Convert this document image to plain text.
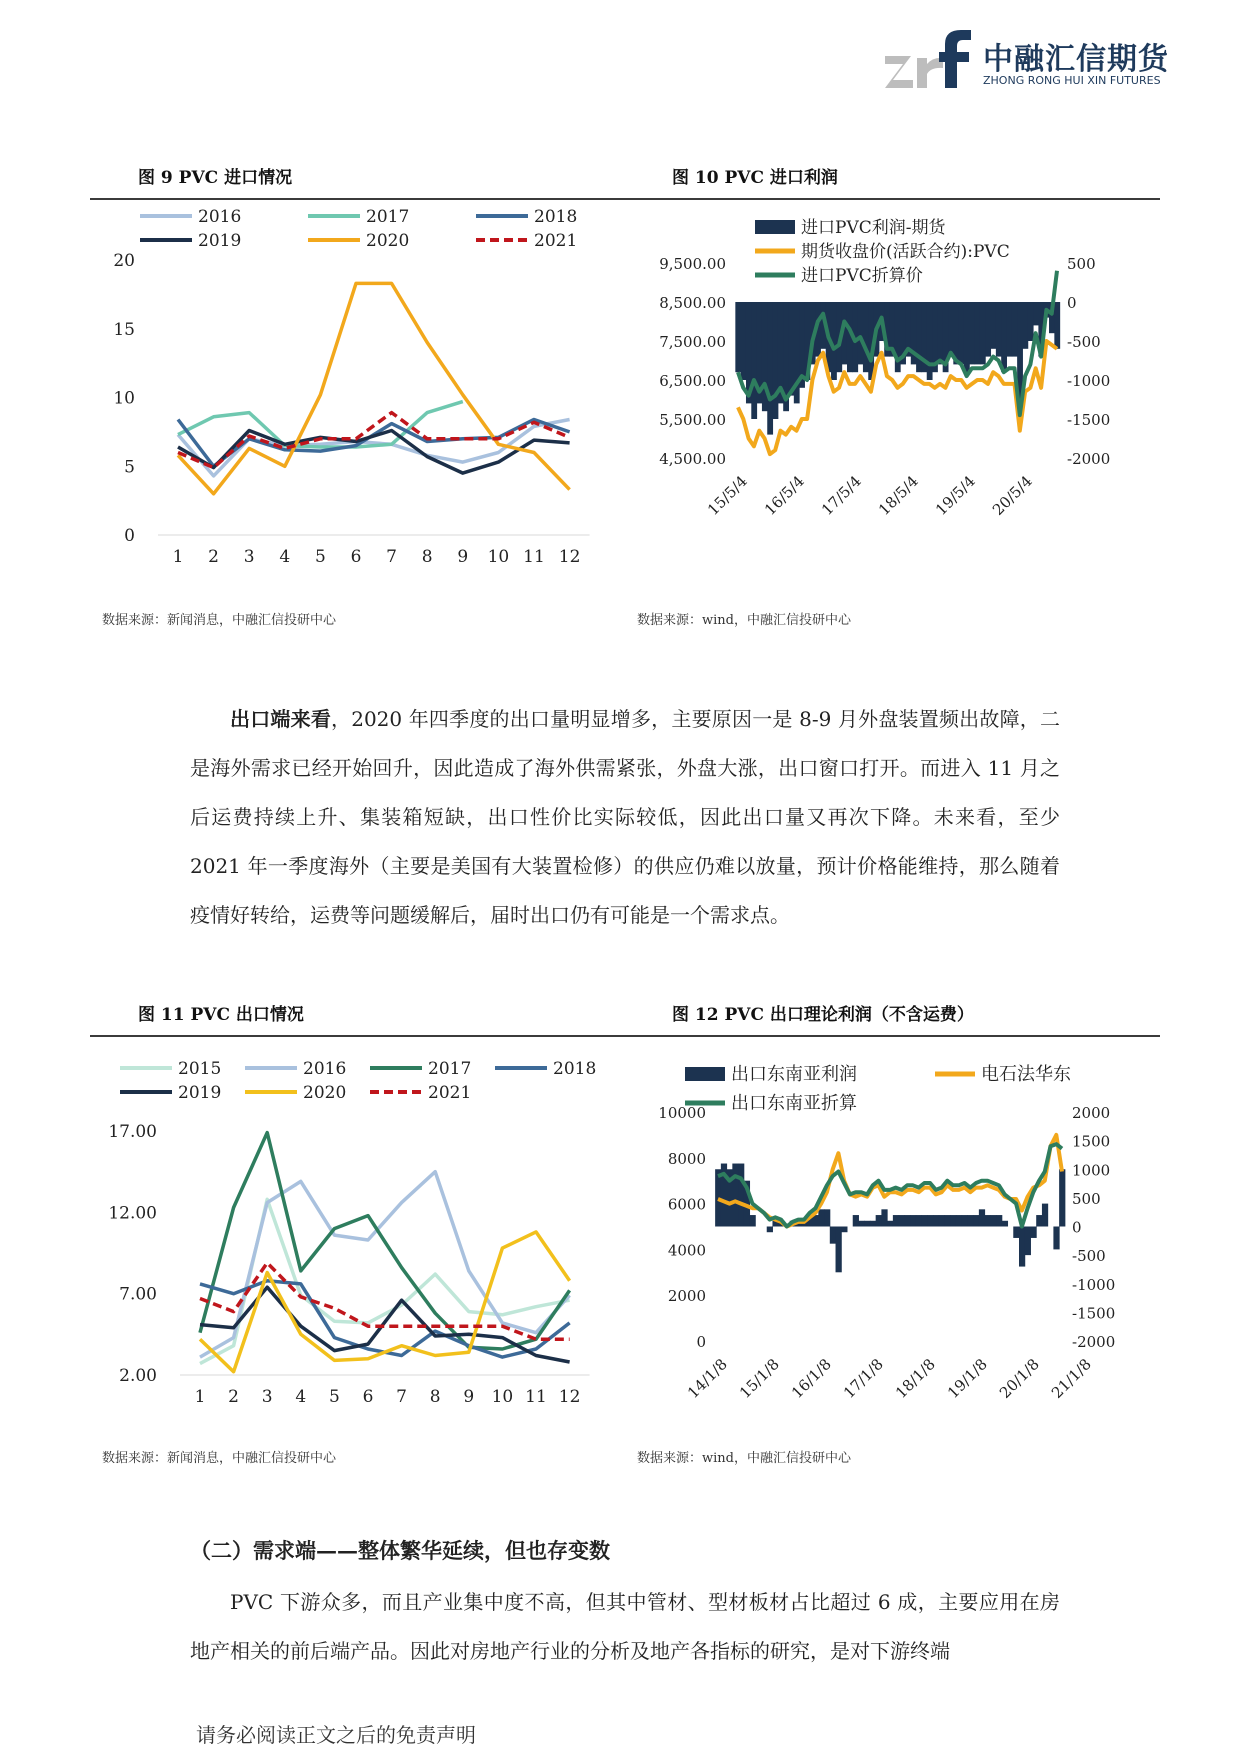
中融汇信期货
ZHONG RONG HUI XIN FUTURES
图 9 PVC 进口情况	图 10 PVC 进口利润
0
5
10
15
20
1 2 3 4 5 6 7 8 9 10 11 12
2016	2017	2018
2019	2020	2021
进口PVC利润-期货
期货收盘价(活跃合约):PVC
进口PVC折算价
4,500.00
5,500.00
6,500.00
7,500.00
8,500.00
9,500.00
-2000
-1500
-1000
-500
0
500
15/5/4 16/5/4 17/5/4 18/5/4 19/5/4 20/5/4
数据来源：新闻消息，中融汇信投研中心	数据来源：wind，中融汇信投研中心

出口端来看，2020 年四季度的出口量明显增多，主要原因一是 8-9 月外盘装置频出故障，二是海外需求已经开始回升，因此造成了海外供需紧张，外盘大涨，出口窗口打开。而进入 11 月之后运费持续上升、集装箱短缺，出口性价比实际较低，因此出口量又再次下降。未来看，至少 2021 年一季度海外（主要是美国有大装置检修）的供应仍难以放量，预计价格能维持，那么随着疫情好转给，运费等问题缓解后，届时出口仍有可能是一个需求点。

图 11 PVC 出口情况	图 12 PVC 出口理论利润（不含运费）
2.00
7.00
12.00
17.00
1 2 3 4 5 6 7 8 9 10 11 12
2015	2016	2017	2018
2019	2020	2021
出口东南亚利润	电石法华东
出口东南亚折算
0
2000
4000
6000
8000
10000
-2000
-1500
-1000
-500
0
500
1000
1500
2000
14/1/8 15/1/8 16/1/8 17/1/8 18/1/8 19/1/8 20/1/8 21/1/8
数据来源：新闻消息，中融汇信投研中心	数据来源：wind，中融汇信投研中心
（二）需求端——整体繁华延续，但也存变数

PVC 下游众多，而且产业集中度不高，但其中管材、型材板材占比超过 6 成，主要应用在房地产相关的前后端产品。因此对房地产行业的分析及地产各指标的研究，是对下游终端

请务必阅读正文之后的免责声明
